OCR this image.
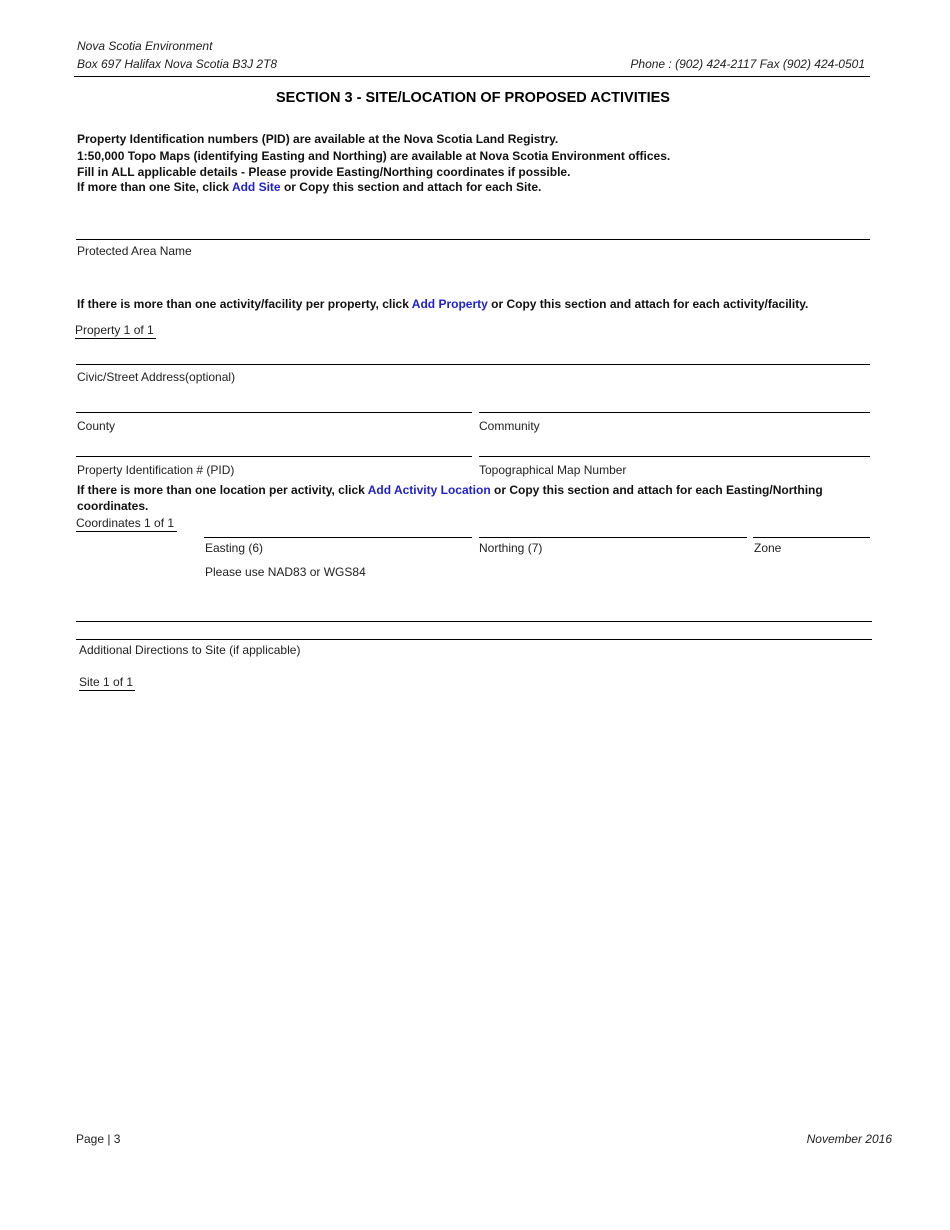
Nova Scotia Environment
Box 697 Halifax Nova Scotia B3J 2T8	Phone : (902) 424-2117 Fax (902) 424-0501
SECTION 3 - SITE/LOCATION OF PROPOSED ACTIVITIES
Property Identification numbers (PID) are available at the Nova Scotia Land Registry.
1:50,000 Topo Maps (identifying Easting and Northing) are available at Nova Scotia Environment offices.
Fill in ALL applicable details - Please provide Easting/Northing coordinates if possible.
If more than one Site, click Add Site or Copy this section and attach for each Site.
Protected Area Name
If there is more than one activity/facility per property, click Add Property or Copy this section and attach for each activity/facility.
Property 1 of 1
Civic/Street Address(optional)
County	Community
Property Identification # (PID)	Topographical Map Number
If there is more than one location per activity, click Add Activity Location or Copy this section and attach for each Easting/Northing
coordinates.
Coordinates 1 of 1
Easting (6)	Northing (7)	Zone
Please use NAD83 or WGS84
Additional Directions to Site (if applicable)
Site 1 of 1
Page | 3	November 2016
